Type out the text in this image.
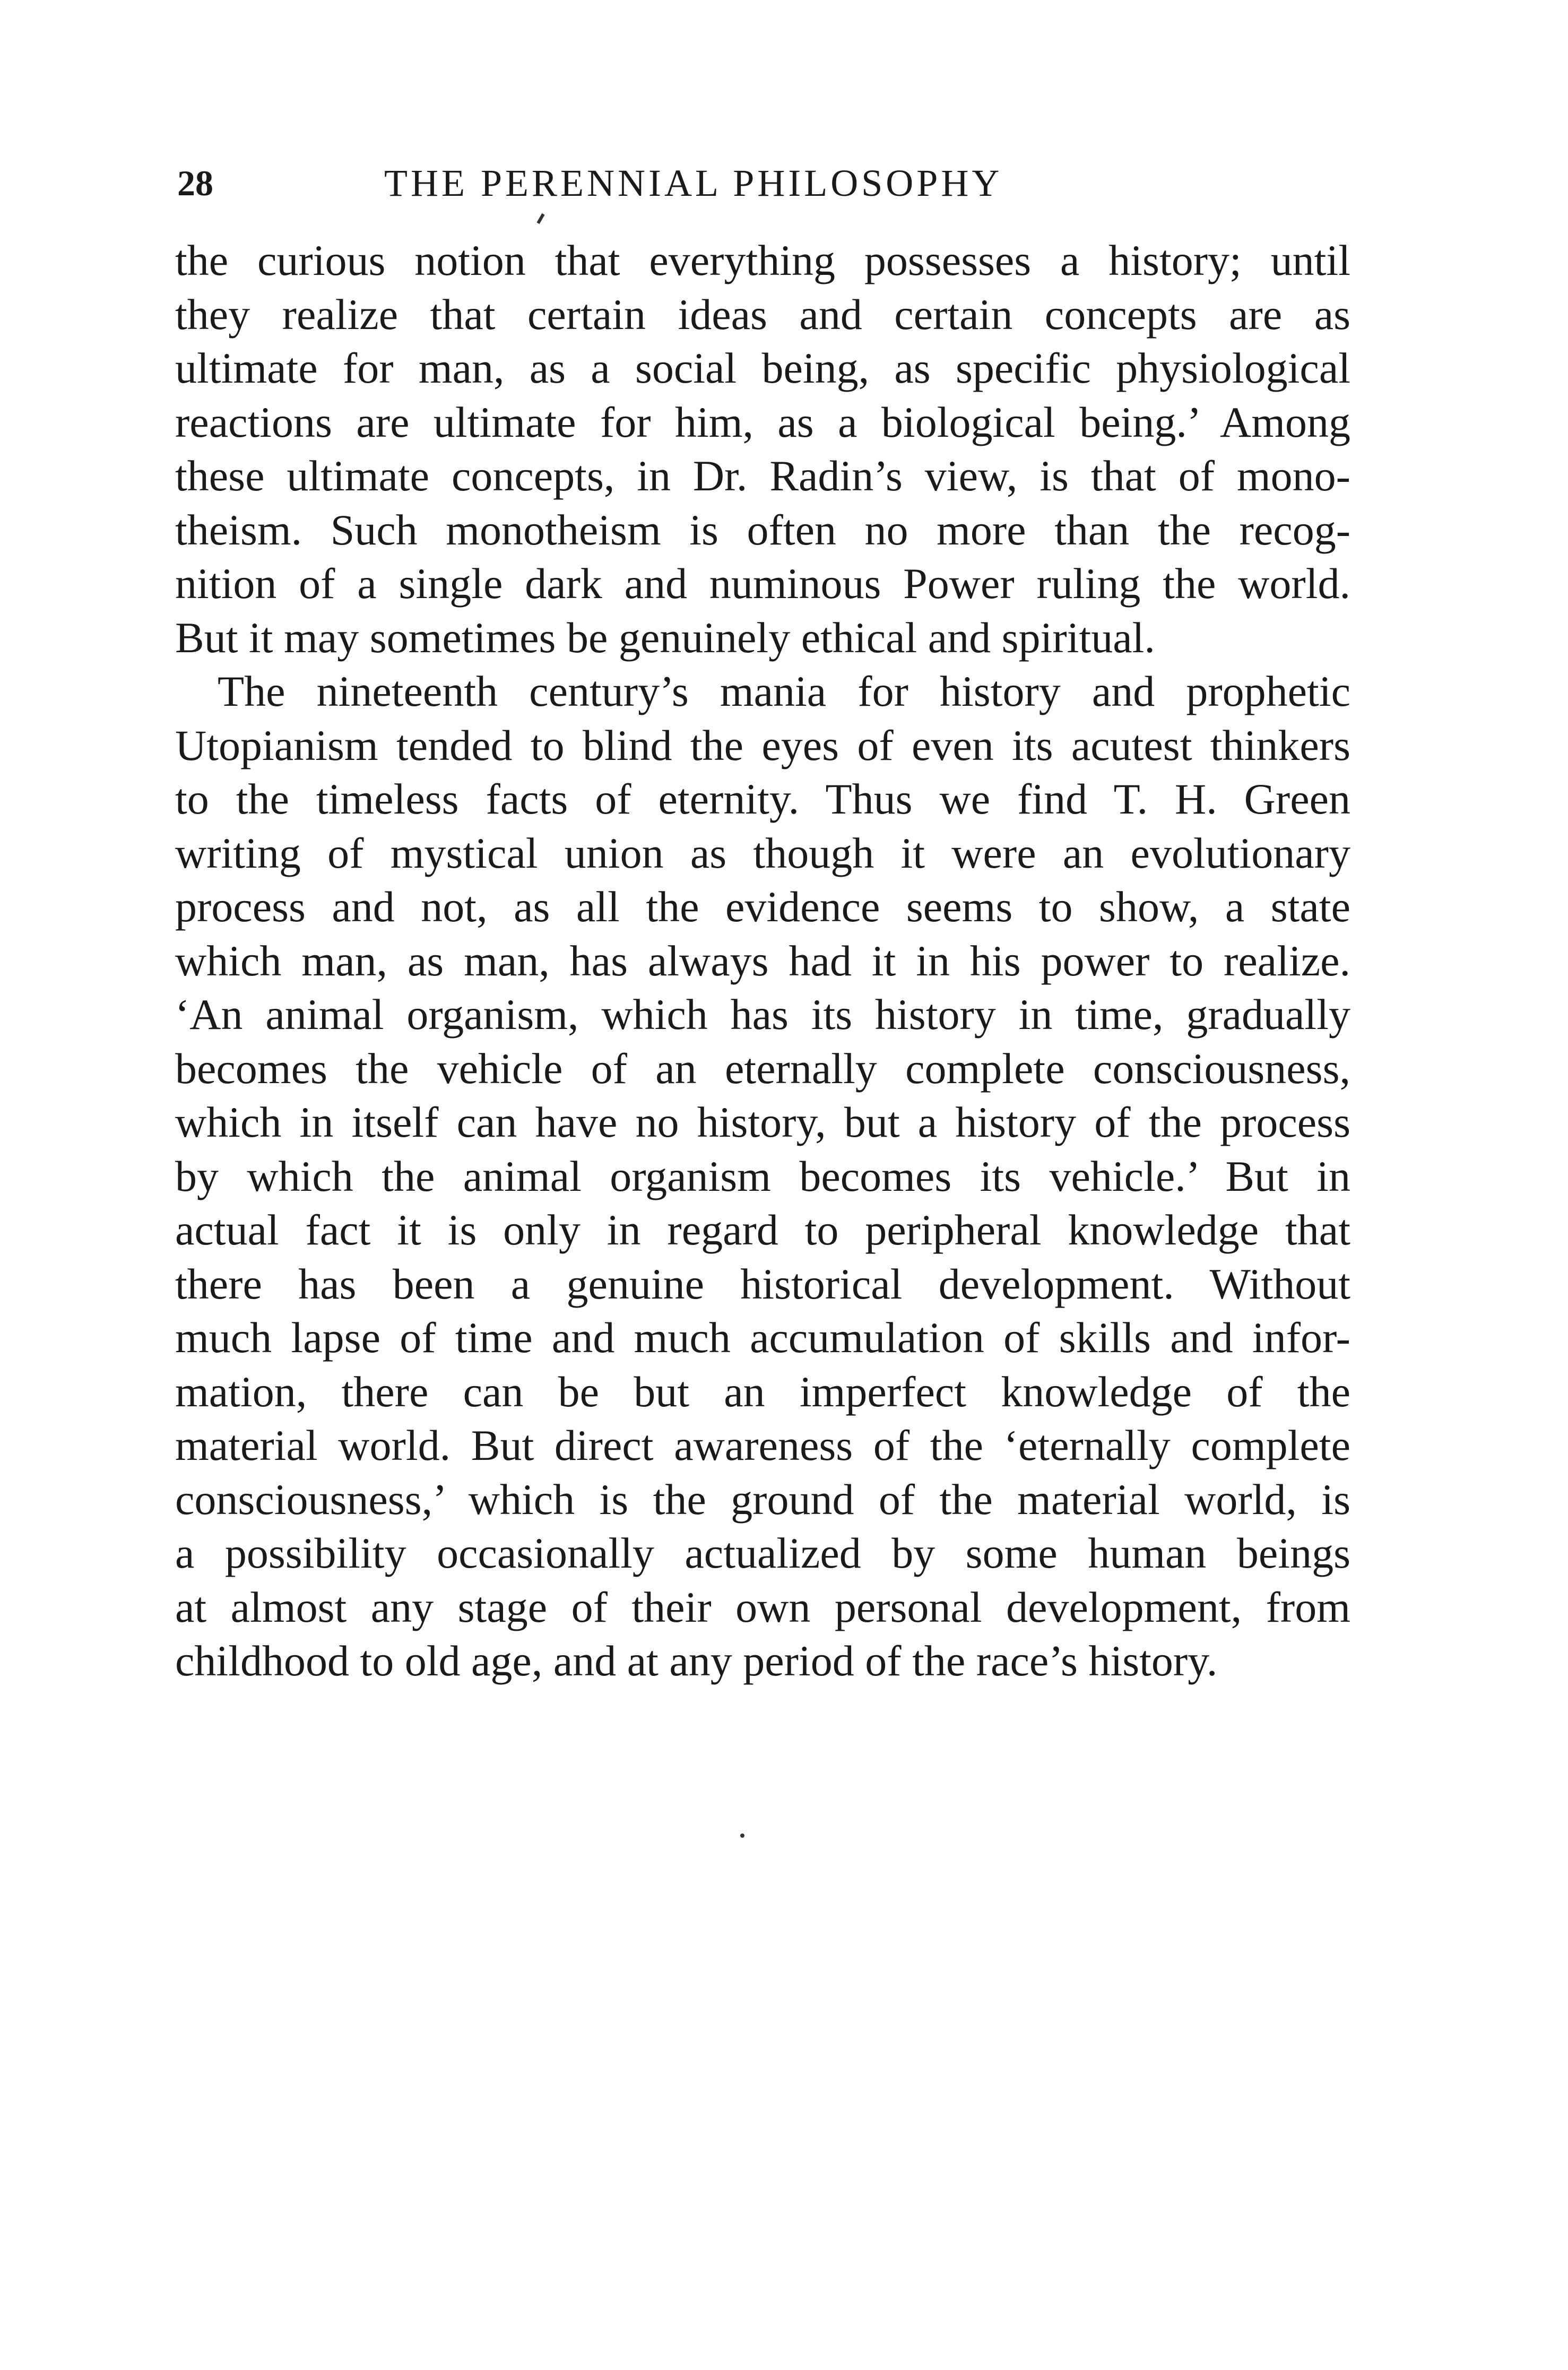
28	THE PERENNIAL PHILOSOPHY
the curious notion that everything possesses a history; until
they realize that certain ideas and certain concepts are as
ultimate for man, as a social being, as specific physiological
reactions are ultimate for him, as a biological being.’ Among
these ultimate concepts, in Dr. Radin’s view, is that of mono-
theism. Such monotheism is often no more than the recog-
nition of a single dark and numinous Power ruling the world.
But it may sometimes be genuinely ethical and spiritual.
The nineteenth century’s mania for history and prophetic
Utopianism tended to blind the eyes of even its acutest thinkers
to the timeless facts of eternity. Thus we find T. H. Green
writing of mystical union as though it were an evolutionary
process and not, as all the evidence seems to show, a state
which man, as man, has always had it in his power to realize.
‘An animal organism, which has its history in time, gradually
becomes the vehicle of an eternally complete consciousness,
which in itself can have no history, but a history of the process
by which the animal organism becomes its vehicle.’ But in
actual fact it is only in regard to peripheral knowledge that
there has been a genuine historical development. Without
much lapse of time and much accumulation of skills and infor-
mation, there can be but an imperfect knowledge of the
material world. But direct awareness of the ‘eternally complete
consciousness,’ which is the ground of the material world, is
a possibility occasionally actualized by some human beings
at almost any stage of their own personal development, from
childhood to old age, and at any period of the race’s history.
